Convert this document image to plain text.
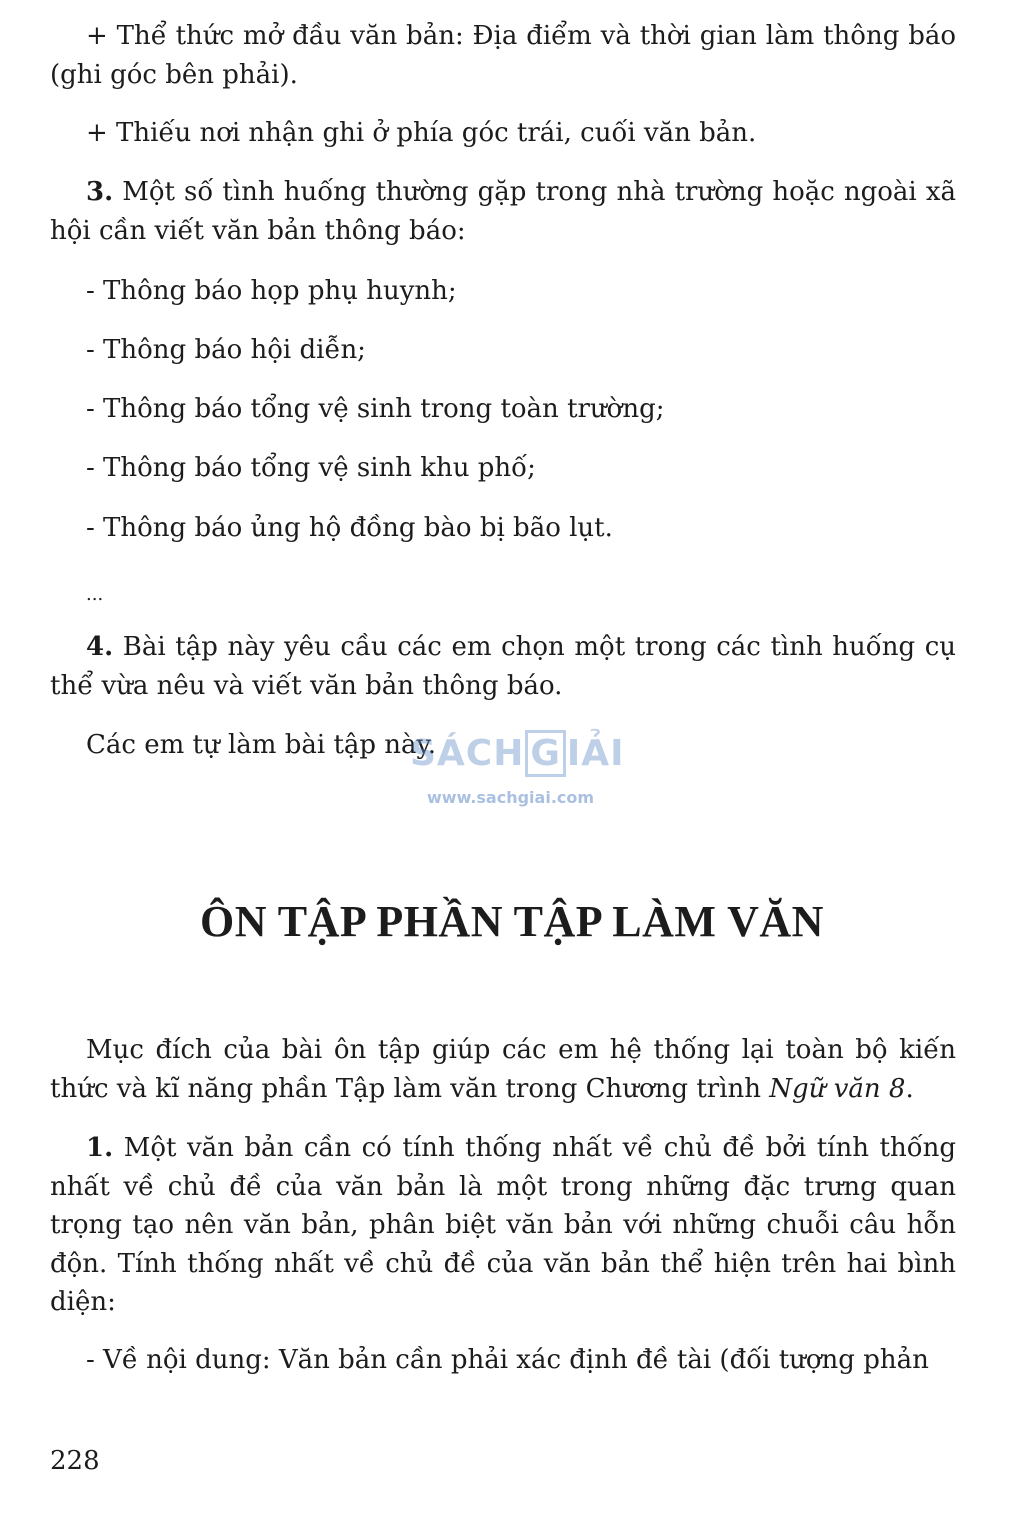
+ Thể thức mở đầu văn bản: Địa điểm và thời gian làm thông báo (ghi góc bên phải).

+ Thiếu nơi nhận ghi ở phía góc trái, cuối văn bản.

3. Một số tình huống thường gặp trong nhà trường hoặc ngoài xã hội cần viết văn bản thông báo:

- Thông báo họp phụ huynh;

- Thông báo hội diễn;

- Thông báo tổng vệ sinh trong toàn trường;

- Thông báo tổng vệ sinh khu phố;

- Thông báo ủng hộ đồng bào bị bão lụt.

...

4. Bài tập này yêu cầu các em chọn một trong các tình huống cụ thể vừa nêu và viết văn bản thông báo.

Các em tự làm bài tập này.

SÁCH G IẢI
www.sachgiai.com
ÔN TẬP PHẦN TẬP LÀM VĂN

Mục đích của bài ôn tập giúp các em hệ thống lại toàn bộ kiến thức và kĩ năng phần Tập làm văn trong Chương trình Ngữ văn 8.

1. Một văn bản cần có tính thống nhất về chủ đề bởi tính thống nhất về chủ đề của văn bản là một trong những đặc trưng quan trọng tạo nên văn bản, phân biệt văn bản với những chuỗi câu hỗn độn. Tính thống nhất về chủ đề của văn bản thể hiện trên hai bình diện:

- Về nội dung: Văn bản cần phải xác định đề tài (đối tượng phản

228
